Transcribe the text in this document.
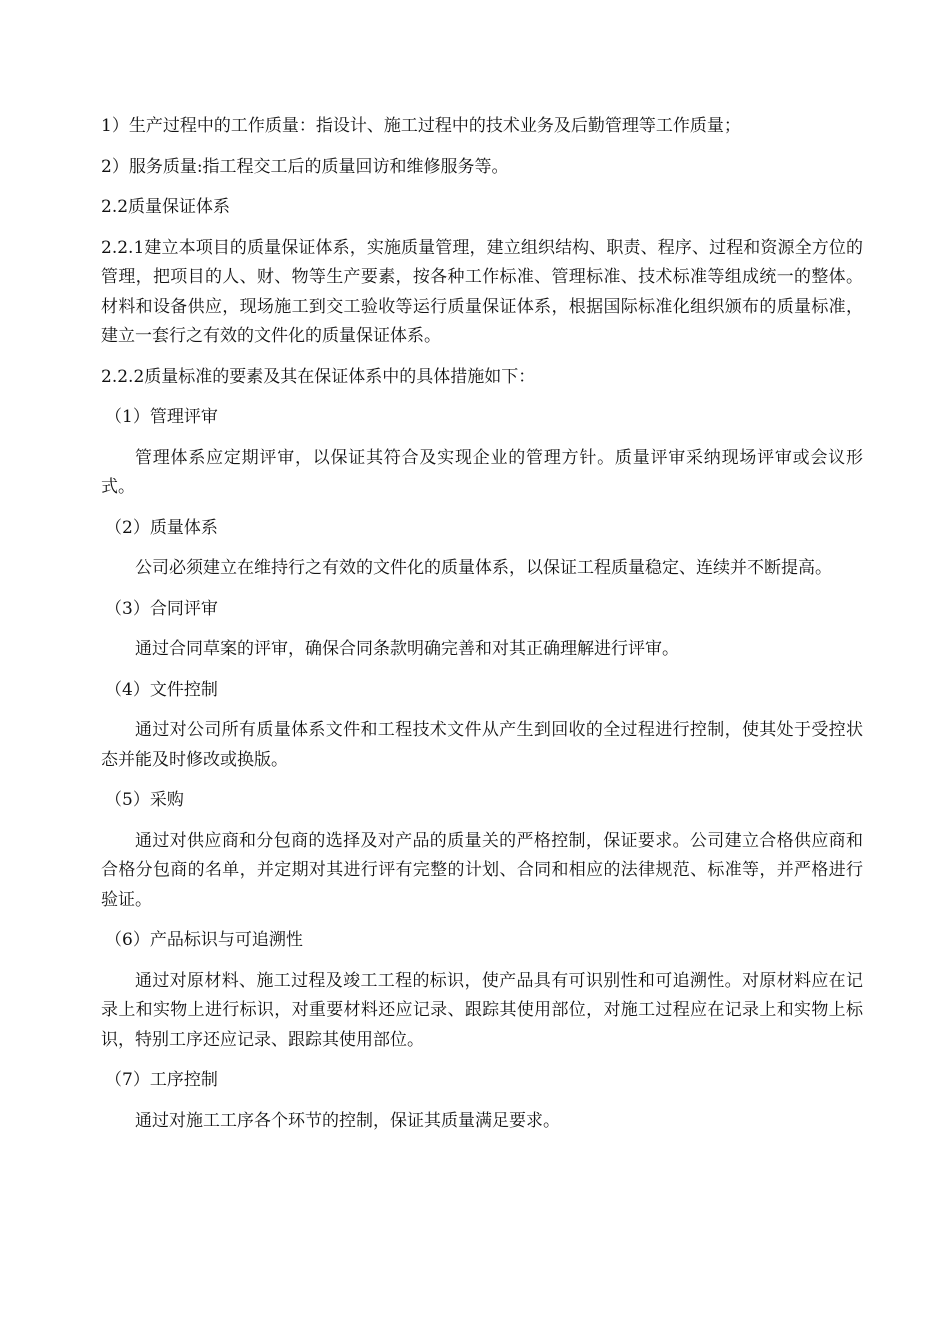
1）生产过程中的工作质量：指设计、施工过程中的技术业务及后勤管理等工作质量；

2）服务质量:指工程交工后的质量回访和维修服务等。

2.2质量保证体系

2.2.1建立本项目的质量保证体系，实施质量管理，建立组织结构、职责、程序、过程和资源全方位的管理，把项目的人、财、物等生产要素，按各种工作标准、管理标准、技术标准等组成统一的整体。材料和设备供应，现场施工到交工验收等运行质量保证体系，根据国际标准化组织颁布的质量标准，建立一套行之有效的文件化的质量保证体系。

2.2.2质量标准的要素及其在保证体系中的具体措施如下：

（1）管理评审

管理体系应定期评审，以保证其符合及实现企业的管理方针。质量评审采纳现场评审或会议形式。

（2）质量体系

公司必须建立在维持行之有效的文件化的质量体系，以保证工程质量稳定、连续并不断提高。

（3）合同评审

通过合同草案的评审，确保合同条款明确完善和对其正确理解进行评审。

（4）文件控制

通过对公司所有质量体系文件和工程技术文件从产生到回收的全过程进行控制，使其处于受控状态并能及时修改或换版。

（5）采购

通过对供应商和分包商的选择及对产品的质量关的严格控制，保证要求。公司建立合格供应商和合格分包商的名单，并定期对其进行评有完整的计划、合同和相应的法律规范、标准等，并严格进行验证。

（6）产品标识与可追溯性

通过对原材料、施工过程及竣工工程的标识，使产品具有可识别性和可追溯性。对原材料应在记录上和实物上进行标识，对重要材料还应记录、跟踪其使用部位，对施工过程应在记录上和实物上标识，特别工序还应记录、跟踪其使用部位。

（7）工序控制

通过对施工工序各个环节的控制，保证其质量满足要求。
